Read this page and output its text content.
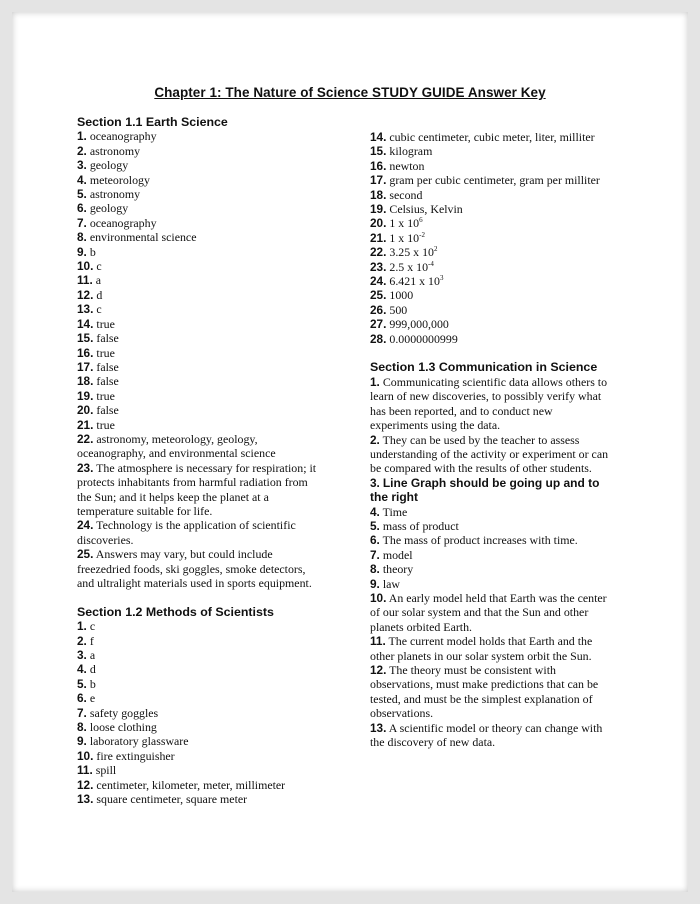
Chapter 1: The Nature of Science STUDY GUIDE Answer Key

Section 1.1 Earth Science

1. oceanography

2. astronomy

3. geology

4. meteorology

5. astronomy

6. geology

7. oceanography

8. environmental science

9. b

10. c

11. a

12. d

13. c

14. true

15. false

16. true

17. false

18. false

19. true

20. false

21. true

22. astronomy, meteorology, geology,
oceanography, and environmental science

23. The atmosphere is necessary for respiration; it
protects inhabitants from harmful radiation from
the Sun; and it helps keep the planet at a
temperature suitable for life.

24. Technology is the application of scientific
discoveries.

25. Answers may vary, but could include
freezedried foods, ski goggles, smoke detectors,
and ultralight materials used in sports equipment.

Section 1.2 Methods of Scientists

1. c

2. f

3. a

4. d

5. b

6. e

7. safety goggles

8. loose clothing

9. laboratory glassware

10. fire extinguisher

11. spill

12. centimeter, kilometer, meter, millimeter

13. square centimeter, square meter

14. cubic centimeter, cubic meter, liter, milliter

15. kilogram

16. newton

17. gram per cubic centimeter, gram per milliter

18. second

19. Celsius, Kelvin

20. 1 x $10^6$

21. 1 x $10^{-2}$

22. 3.25 x $10^2$

23. 2.5 x $10^{-4}$

24. 6.421 x $10^3$

25. 1000

26. 500

27. 999,000,000

28. 0.0000000999

Section 1.3 Communication in Science

1. Communicating scientific data allows others to
learn of new discoveries, to possibly verify what
has been reported, and to conduct new
experiments using the data.

2. They can be used by the teacher to assess
understanding of the activity or experiment or can
be compared with the results of other students.

3. Line Graph should be going up and to
the right

4. Time

5. mass of product

6. The mass of product increases with time.

7. model

8. theory

9. law

10. An early model held that Earth was the center
of our solar system and that the Sun and other
planets orbited Earth.

11. The current model holds that Earth and the
other planets in our solar system orbit the Sun.

12. The theory must be consistent with
observations, must make predictions that can be
tested, and must be the simplest explanation of
observations.

13. A scientific model or theory can change with
the discovery of new data.
